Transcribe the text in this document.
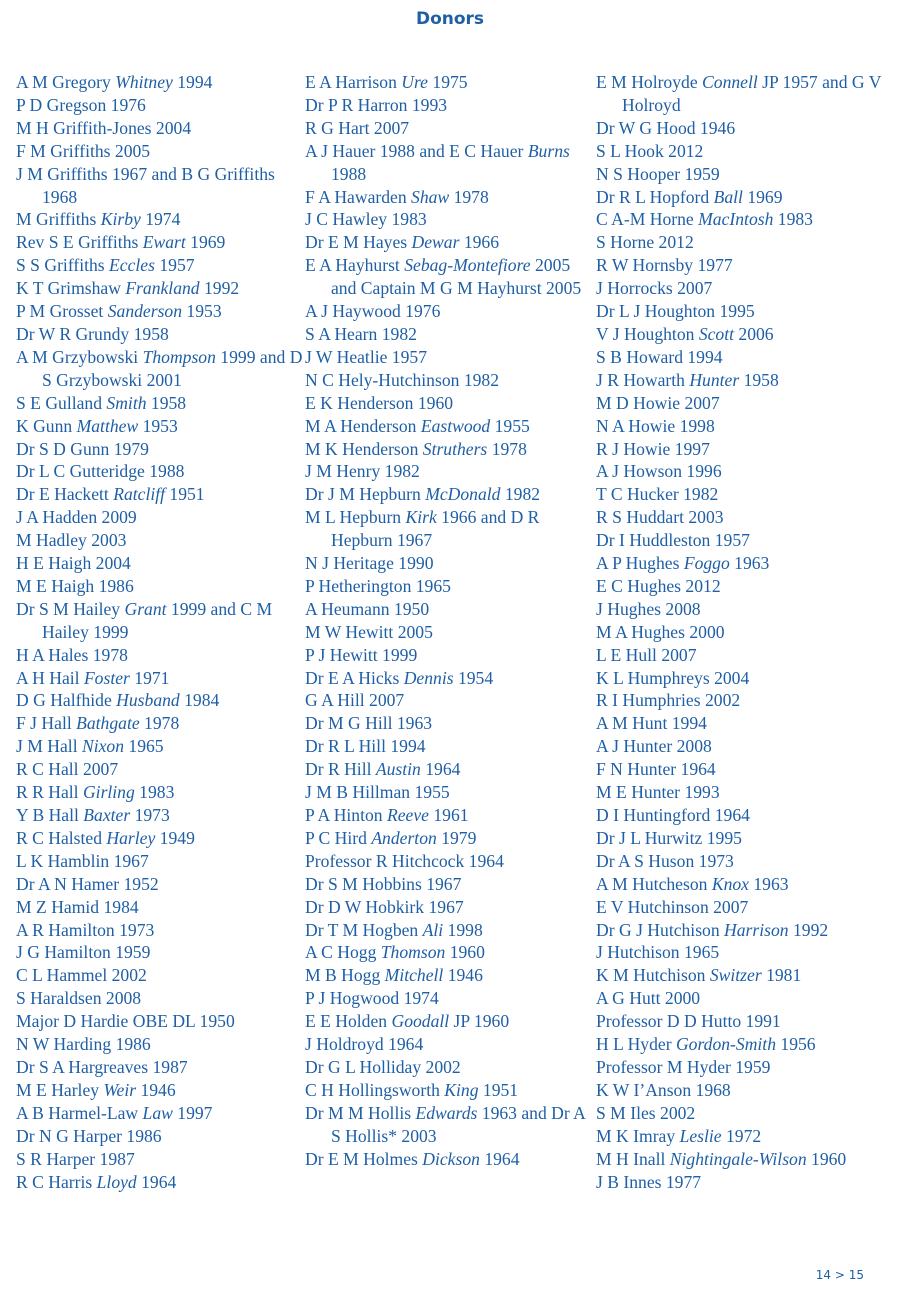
Donors
A M Gregory Whitney 1994
P D Gregson 1976
M H Griffith-Jones 2004
F M Griffiths 2005
J M Griffiths 1967 and B G Griffiths 1968
M Griffiths Kirby 1974
Rev S E Griffiths Ewart 1969
S S Griffiths Eccles 1957
K T Grimshaw Frankland 1992
P M Grosset Sanderson 1953
Dr W R Grundy 1958
A M Grzybowski Thompson 1999 and D S Grzybowski 2001
S E Gulland Smith 1958
K Gunn Matthew 1953
Dr S D Gunn 1979
Dr L C Gutteridge 1988
Dr E Hackett Ratcliff 1951
J A Hadden 2009
M Hadley 2003
H E Haigh 2004
M E Haigh 1986
Dr S M Hailey Grant 1999 and C M Hailey 1999
H A Hales 1978
A H Hail Foster 1971
D G Halfhide Husband 1984
F J Hall Bathgate 1978
J M Hall Nixon 1965
R C Hall 2007
R R Hall Girling 1983
Y B Hall Baxter 1973
R C Halsted Harley 1949
L K Hamblin 1967
Dr A N Hamer 1952
M Z Hamid 1984
A R Hamilton 1973
J G Hamilton 1959
C L Hammel 2002
S Haraldsen 2008
Major D Hardie OBE DL 1950
N W Harding 1986
Dr S A Hargreaves 1987
M E Harley Weir 1946
A B Harmel-Law Law 1997
Dr N G Harper 1986
S R Harper 1987
R C Harris Lloyd 1964
E A Harrison Ure 1975
Dr P R Harron 1993
R G Hart 2007
A J Hauer 1988 and E C Hauer Burns 1988
F A Hawarden Shaw 1978
J C Hawley 1983
Dr E M Hayes Dewar 1966
E A Hayhurst Sebag-Montefiore 2005 and Captain M G M Hayhurst 2005
A J Haywood 1976
S A Hearn 1982
J W Heatlie 1957
N C Hely-Hutchinson 1982
E K Henderson 1960
M A Henderson Eastwood 1955
M K Henderson Struthers 1978
J M Henry 1982
Dr J M Hepburn McDonald 1982
M L Hepburn Kirk 1966 and D R Hepburn 1967
N J Heritage 1990
P Hetherington 1965
A Heumann 1950
M W Hewitt 2005
P J Hewitt 1999
Dr E A Hicks Dennis 1954
G A Hill 2007
Dr M G Hill 1963
Dr R L Hill 1994
Dr R Hill Austin 1964
J M B Hillman 1955
P A Hinton Reeve 1961
P C Hird Anderton 1979
Professor R Hitchcock 1964
Dr S M Hobbins 1967
Dr D W Hobkirk 1967
Dr T M Hogben Ali 1998
A C Hogg Thomson 1960
M B Hogg Mitchell 1946
P J Hogwood 1974
E E Holden Goodall JP 1960
J Holdroyd 1964
Dr G L Holliday 2002
C H Hollingsworth King 1951
Dr M M Hollis Edwards 1963 and Dr A S Hollis* 2003
Dr E M Holmes Dickson 1964
E M Holroyde Connell JP 1957 and G V Holroyd
Dr W G Hood 1946
S L Hook 2012
N S Hooper 1959
Dr R L Hopford Ball 1969
C A-M Horne MacIntosh 1983
S Horne 2012
R W Hornsby 1977
J Horrocks 2007
Dr L J Houghton 1995
V J Houghton Scott 2006
S B Howard 1994
J R Howarth Hunter 1958
M D Howie 2007
N A Howie 1998
R J Howie 1997
A J Howson 1996
T C Hucker 1982
R S Huddart 2003
Dr I Huddleston 1957
A P Hughes Foggo 1963
E C Hughes 2012
J Hughes 2008
M A Hughes 2000
L E Hull 2007
K L Humphreys 2004
R I Humphries 2002
A M Hunt 1994
A J Hunter 2008
F N Hunter 1964
M E Hunter 1993
D I Huntingford 1964
Dr J L Hurwitz 1995
Dr A S Huson 1973
A M Hutcheson Knox 1963
E V Hutchinson 2007
Dr G J Hutchison Harrison 1992
J Hutchison 1965
K M Hutchison Switzer 1981
A G Hutt 2000
Professor D D Hutto 1991
H L Hyder Gordon-Smith 1956
Professor M Hyder 1959
K W I’Anson 1968
S M Iles 2002
M K Imray Leslie 1972
M H Inall Nightingale-Wilson 1960
J B Innes 1977
14 > 15
